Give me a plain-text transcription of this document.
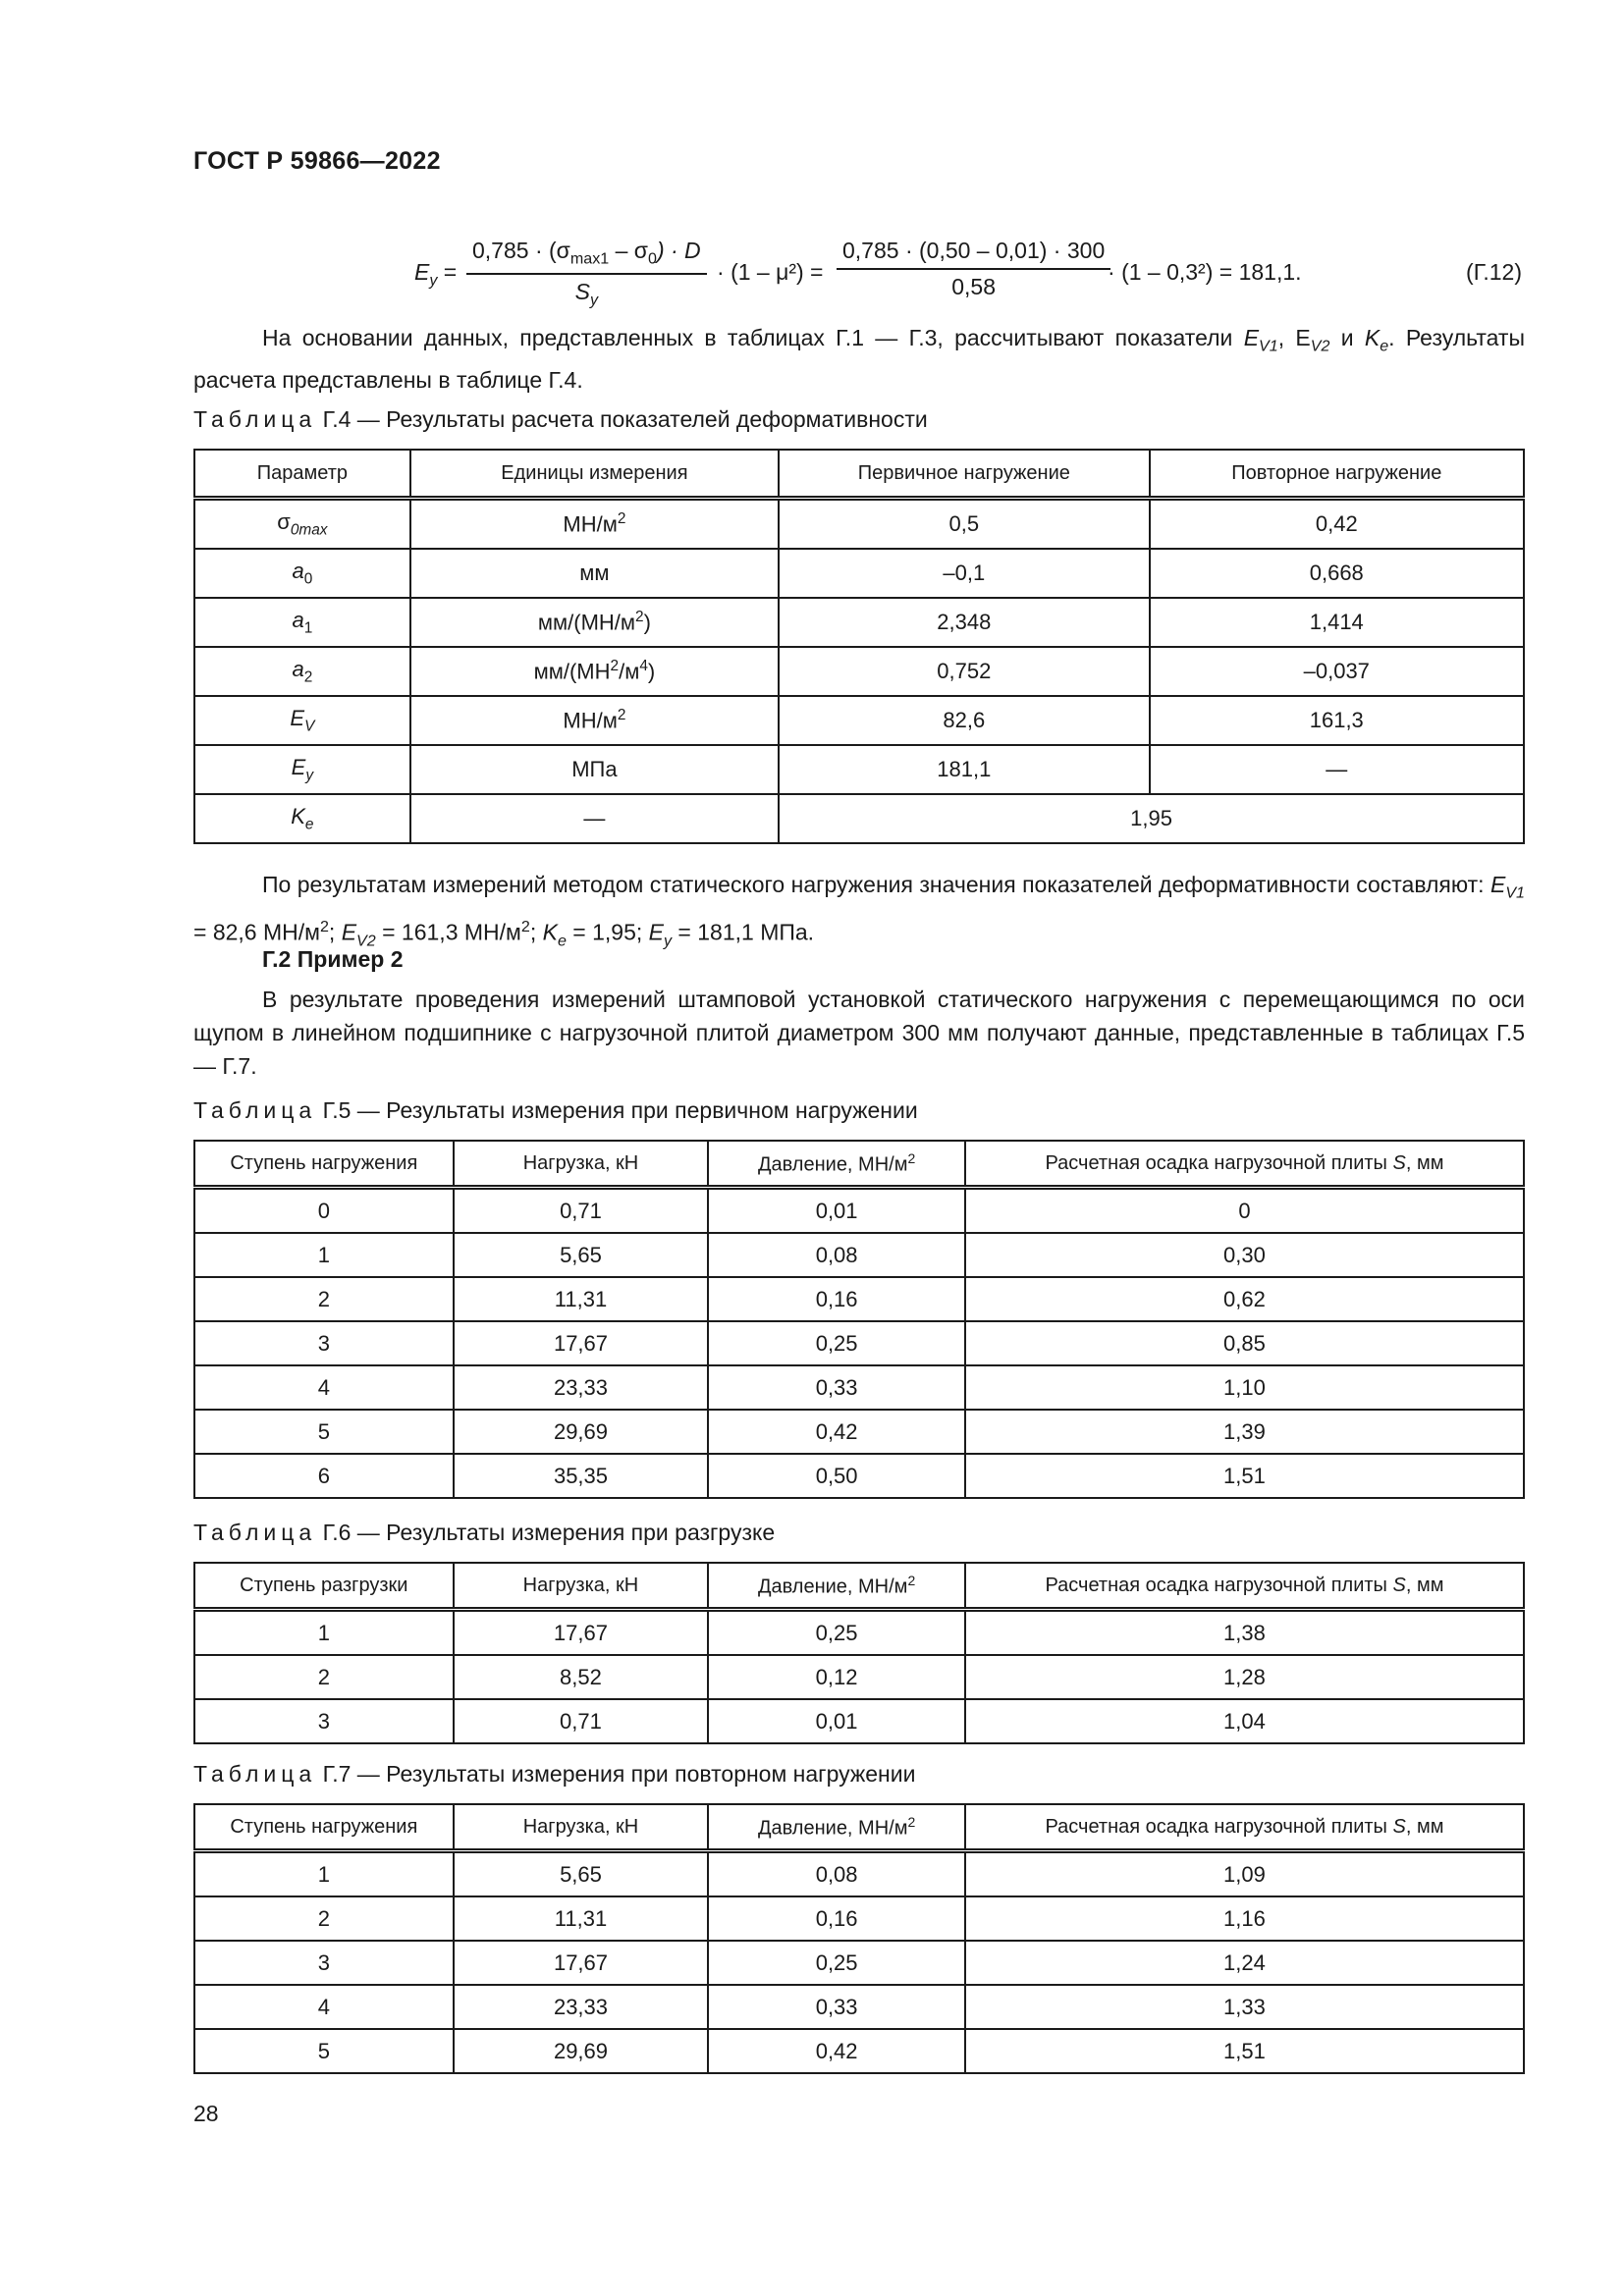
ГОСТ Р 59866—2022
$E_y$ =
$0,785 \cdot (\sigma_{max1} - \sigma_0) \cdot D$
$S_y$
· $(1 - \mu^2) = \frac{0,785 \cdot (0,50 - 0,01) \cdot 300}{0,58}$
· (1 – 0,3²) = 181,1.	(Г.12)
На основании данных, представленных в таблицах Г.1 — Г.3, рассчитывают показатели $E_{V1}$, $E_{V2}$ и $K_e$. Результаты расчета представлены в таблице Г.4.
Таблица Г.4 — Результаты расчета показателей деформативности
Параметр	Единицы измерения	Первичное нагружение	Повторное нагружение
$\sigma_{0max}$	$МН/м^2$	0,5	0,42
$a_0$	мм	–0,1	0,668
$a_1$	$мм/(МН/м^2)$	2,348	1,414
$a_2$	$мм/(МН^2/м^4)$	0,752	–0,037
$E_V$	$МН/м^2$	82,6	161,3
$E_y$	МПа	181,1	—
$K_e$	—	1,95	
По результатам измерений методом статического нагружения значения показателей деформативности составляют: $E_{V1} = 82,6$ $МН/м^2$; $E_{V2} = 161,3$ $МН/м^2$; $K_e = 1,95$; $E_y = 181,1$ МПа.
Г.2 Пример 2
В результате проведения измерений штамповой установкой статического нагружения с перемещающимся по оси щупом в линейном подшипнике с нагрузочной плитой диаметром 300 мм получают данные, представленные в таблицах Г.5 — Г.7.
Таблица Г.5 — Результаты измерения при первичном нагружении
Ступень нагружения	Нагрузка, кН	Давление, $МН/м^2$	Расчетная осадка нагрузочной плиты S, мм
0	0,71	0,01	0
1	5,65	0,08	0,30
2	11,31	0,16	0,62
3	17,67	0,25	0,85
4	23,33	0,33	1,10
5	29,69	0,42	1,39
6	35,35	0,50	1,51
Таблица Г.6 — Результаты измерения при разгрузке
Ступень разгрузки	Нагрузка, кН	Давление, $МН/м^2$	Расчетная осадка нагрузочной плиты S, мм
1	17,67	0,25	1,38
2	8,52	0,12	1,28
3	0,71	0,01	1,04
Таблица Г.7 — Результаты измерения при повторном нагружении
Ступень нагружения	Нагрузка, кН	Давление, $МН/м^2$	Расчетная осадка нагрузочной плиты S, мм
1	5,65	0,08	1,09
2	11,31	0,16	1,16
3	17,67	0,25	1,24
4	23,33	0,33	1,33
5	29,69	0,42	1,51
28
